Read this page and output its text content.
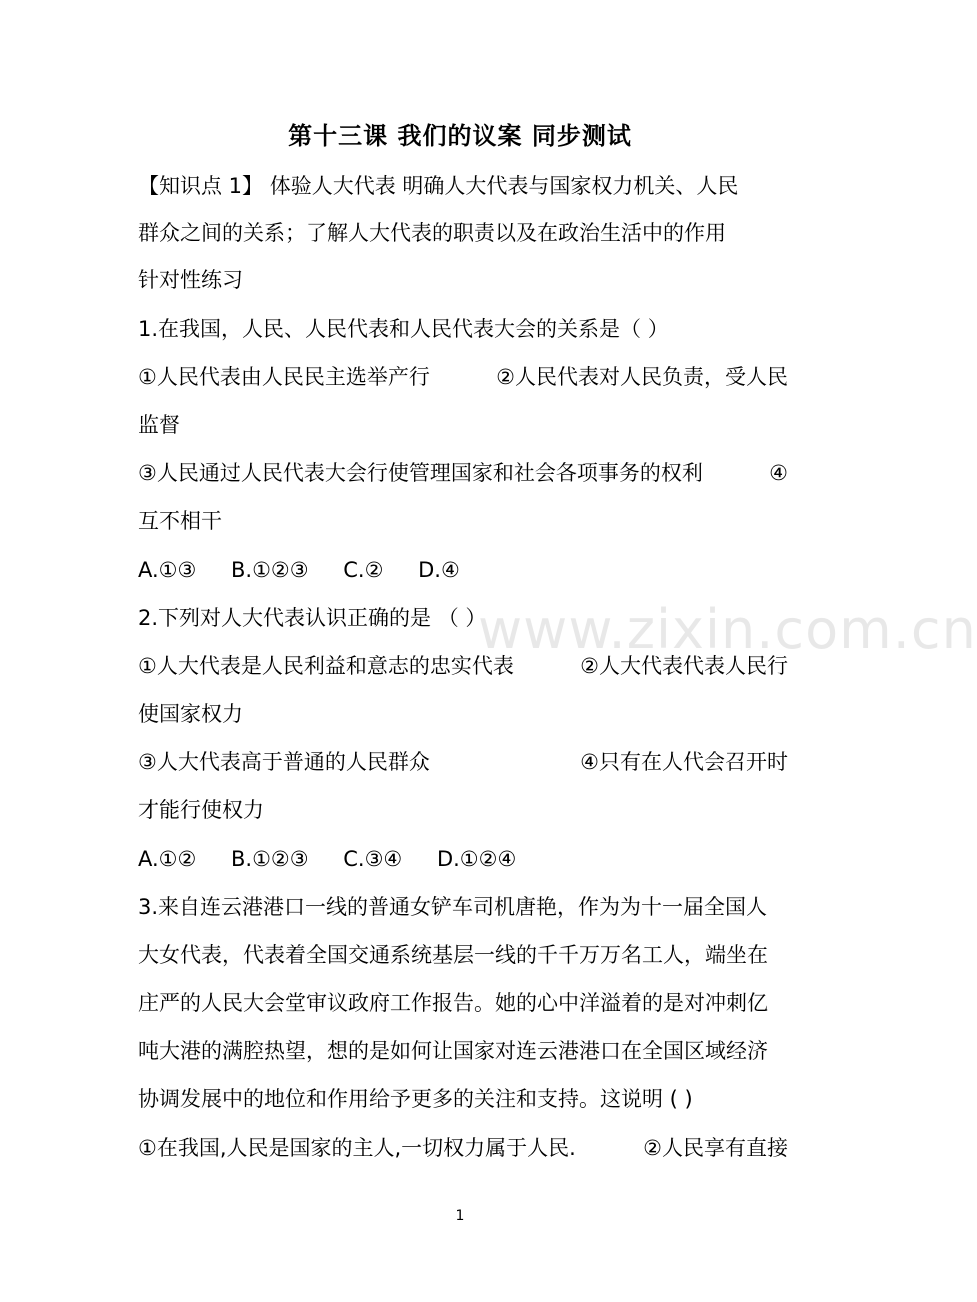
第十三课 我们的议案 同步测试
【知识点 1】 体验人大代表 明确人大代表与国家权力机关、人民
群众之间的关系；了解人大代表的职责以及在政治生活中的作用
针对性练习
1.在我国，人民、人民代表和人民代表大会的关系是（ ）
①人民代表由人民民主选举产行	②人民代表对人民负责，受人民
监督
③人民通过人民代表大会行使管理国家和社会各项事务的权利	④
互不相干
A.①③ B.①②③ C.② D.④
2.下列对人大代表认识正确的是 （ ）
①人大代表是人民利益和意志的忠实代表	②人大代表代表人民行
使国家权力
③人大代表高于普通的人民群众	④只有在人代会召开时
才能行使权力
A.①② B.①②③ C.③④ D.①②④
3.来自连云港港口一线的普通女铲车司机唐艳，作为为十一届全国人
大女代表，代表着全国交通系统基层一线的千千万万名工人，端坐在
庄严的人民大会堂审议政府工作报告。她的心中洋溢着的是对冲刺亿
吨大港的满腔热望，想的是如何让国家对连云港港口在全国区域经济
协调发展中的地位和作用给予更多的关注和支持。这说明 ( )
①在我国,人民是国家的主人,一切权力属于人民.	②人民享有直接
www.zixin.com.cn
1
